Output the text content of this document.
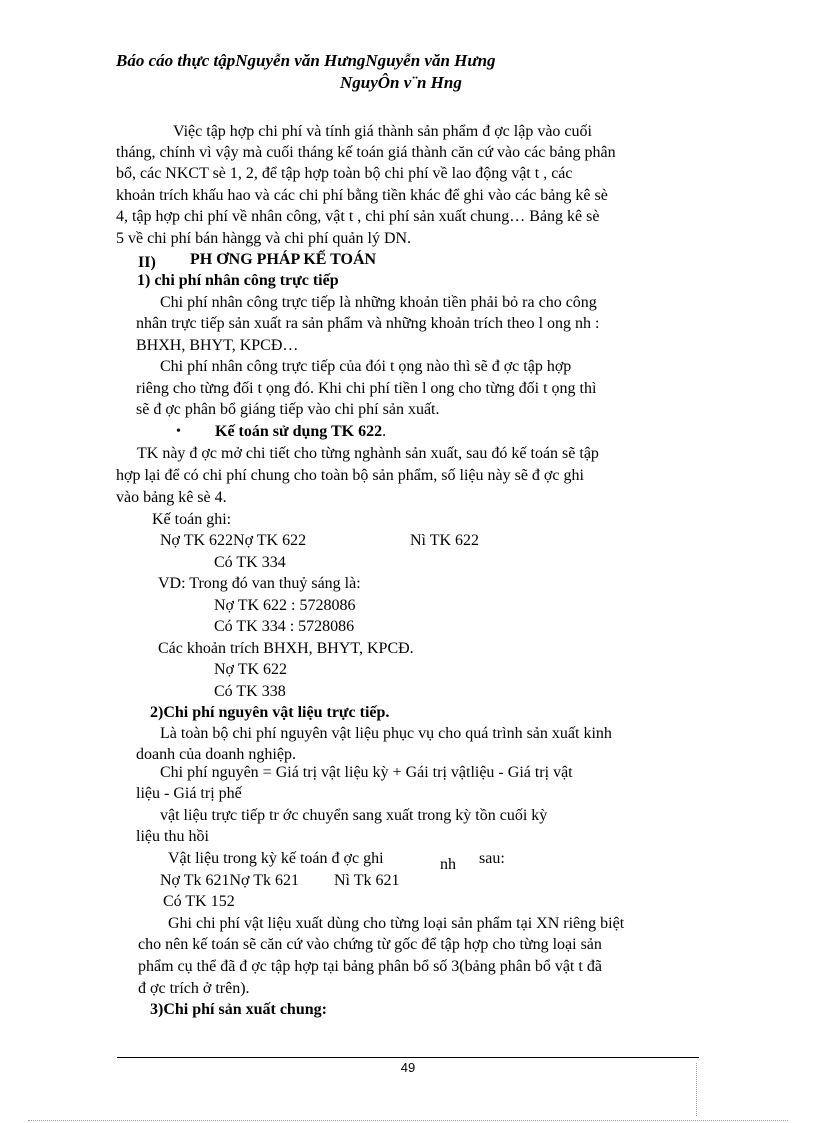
Báo cáo thực tậpNguyễn văn HưngNguyễn văn Hưng
NguyÔn v¨n Hng
Việc tập hợp chi phí và tính giá thành sản phẩm đ ợc lập vào cuối
tháng, chính vì vậy mà cuối tháng kế toán giá thành căn cứ vào các bảng phân
bổ, các NKCT sè 1, 2, để tập hợp toàn bộ chi phí về lao động vật t , các
khoản trích khấu hao và các chi phí bằng tiền khác để ghi vào các bảng kê sè
4, tập hợp chi phí về nhân công, vật t , chi phí sản xuất chung… Bảng kê sè
5 về chi phí bán hàngg và chi phí quản lý DN.
II) PH ƠNG PHÁP KẾ TOÁN
1) chi phí nhân công trực tiếp
Chi phí nhân công trực tiếp là những khoản tiền phải bỏ ra cho công
nhân trực tiếp sản xuất ra sản phẩm và những khoản trích theo l ong nh :
BHXH, BHYT, KPCĐ…
Chi phí nhân công trực tiếp của đói t ọng nào thì sẽ đ ợc tập hợp
riêng cho từng đối t ọng đó. Khi chi phí tiền l ong cho từng đối t ọng thì
sẽ đ ợc phân bổ giáng tiếp vào chi phí sản xuất.
Kế toán sử dụng TK 622.
TK này đ ợc mở chi tiết cho từng nghành sản xuất, sau đó kế toán sẽ tập
hợp lại để có chi phí chung cho toàn bộ sản phẩm, số liệu này sẽ đ ợc ghi
vào bảng kê sè 4.
Kế toán ghi:
Nợ TK 622Nợ TK 622	Nì TK 622
Có TK 334
VD: Trong đó van thuỷ sáng là:
Nợ TK 622 : 5728086
Có TK 334 : 5728086
Các khoản trích BHXH, BHYT, KPCĐ.
Nợ TK 622
Có TK 338
2)Chi phí nguyên vật liệu trực tiếp.
Là toàn bộ chi phí nguyên vật liệu phục vụ cho quá trình sản xuất kinh
doanh của doanh nghiệp.
Chi phí nguyên = Giá trị vật liệu kỳ + Gái trị vậtliệu - Giá trị vật
liệu - Giá trị phế
vật liệu trực tiếp tr ớc chuyển sang xuất trong kỳ tồn cuối kỳ
liệu thu hồi
Vật liệu trong kỳ kế toán đ ợc ghi	nh sau:
Nợ Tk 621Nợ Tk 621 Nì Tk 621
Có TK 152
Ghi chi phí vật liệu xuất dùng cho từng loại sản phẩm tại XN riêng biệt
cho nên kế toán sẽ căn cứ vào chứng từ gốc để tập hợp cho từng loại sản
phẩm cụ thể đã đ ợc tập hợp tại bảng phân bổ số 3(bảng phân bổ vật t đã
đ ợc trích ở trên).
3)Chi phí sản xuất chung:
•
49
